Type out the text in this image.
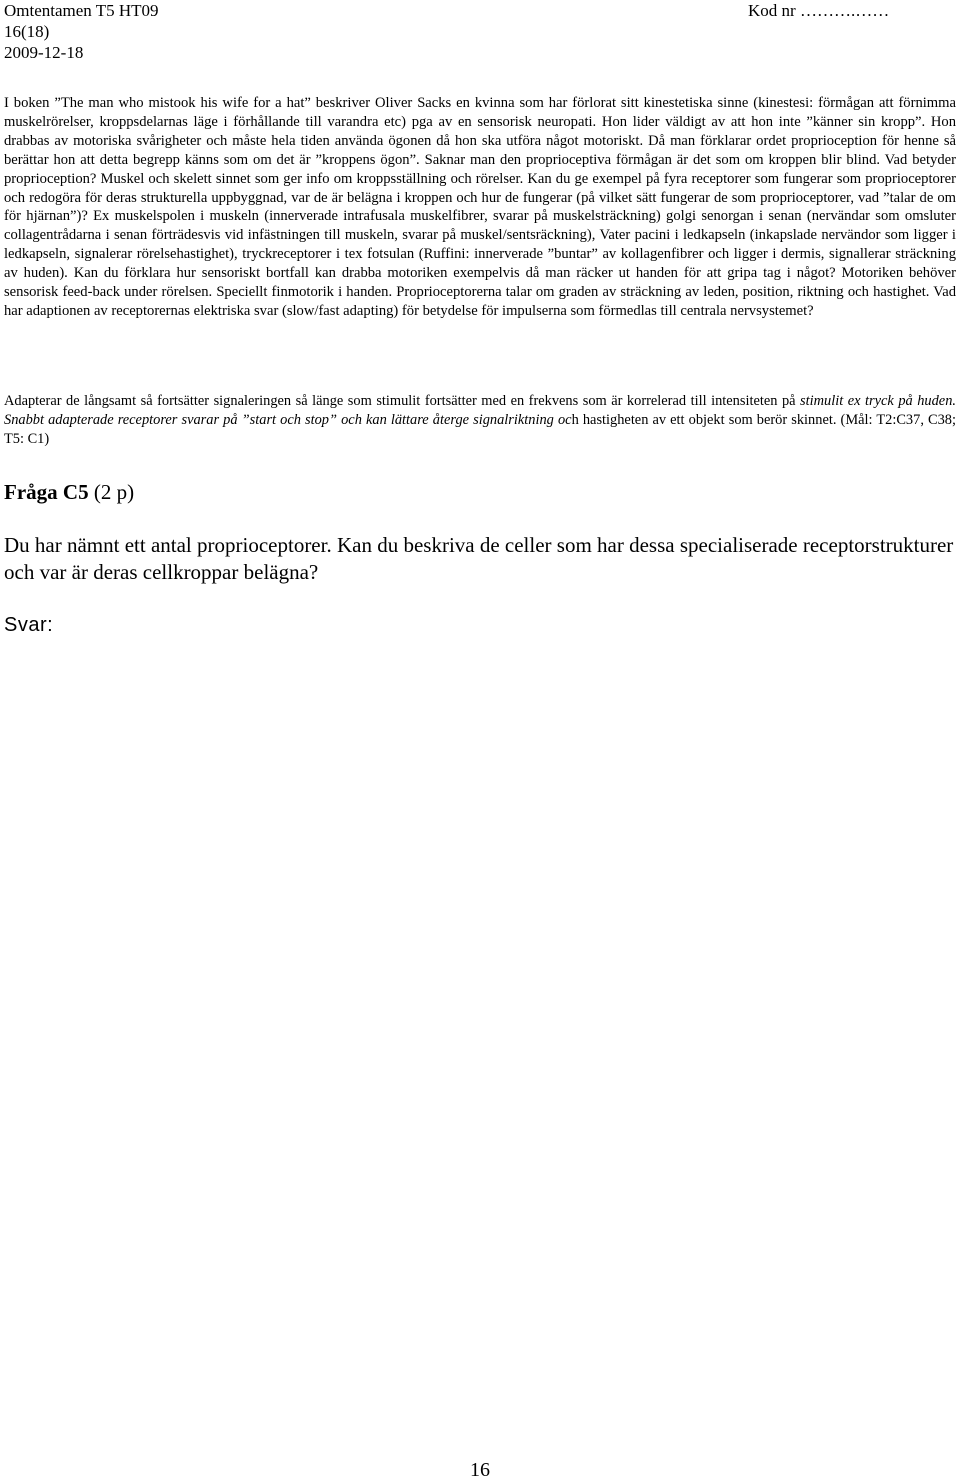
Omtentamen T5 HT09
16(18)
2009-12-18
Kod nr ……….……
I boken ”The man who mistook his wife for a hat” beskriver Oliver Sacks en kvinna som har förlorat sitt kinestetiska sinne (kinestesi: förmågan att förnimma muskelrörelser, kroppsdelarnas läge i förhållande till varandra etc) pga av en sensorisk neuropati. Hon lider väldigt av att hon inte ”känner sin kropp”. Hon drabbas av motoriska svårigheter och måste hela tiden använda ögonen då hon ska utföra något motoriskt. Då man förklarar ordet proprioception för henne så berättar hon att detta begrepp känns som om det är ”kroppens ögon”. Saknar man den proprioceptiva förmågan är det som om kroppen blir blind. Vad betyder proprioception? Muskel och skelett sinnet som ger info om kroppsställning och rörelser. Kan du ge exempel på fyra receptorer som fungerar som proprioceptorer och redogöra för deras strukturella uppbyggnad, var de är belägna i kroppen och hur de fungerar (på vilket sätt fungerar de som proprioceptorer, vad ”talar de om för hjärnan”)? Ex muskelspolen i muskeln (innerverade intrafusala muskelfibrer, svarar på muskelsträckning) golgi senorgan i senan (nervändar som omsluter collagentrådarna i senan förträdesvis vid infästningen till muskeln, svarar på muskel/sentsräckning), Vater pacini i ledkapseln (inkapslade nervändor som ligger i ledkapseln, signalerar rörelsehastighet), tryckreceptorer i tex fotsulan (Ruffini: innerverade ”buntar” av kollagenfibrer och ligger i dermis, signallerar sträckning av huden). Kan du förklara hur sensoriskt bortfall kan drabba motoriken exempelvis då man räcker ut handen för att gripa tag i något? Motoriken behöver sensorisk feed-back under rörelsen. Speciellt finmotorik i handen. Proprioceptorerna talar om graden av sträckning av leden, position, riktning och hastighet. Vad har adaptionen av receptorernas elektriska svar (slow/fast adapting) för betydelse för impulserna som förmedlas till centrala nervsystemet?
Adapterar de långsamt så fortsätter signaleringen så länge som stimulit fortsätter med en frekvens som är korrelerad till intensiteten på stimulit ex tryck på huden. Snabbt adapterade receptorer svarar på ”start och stop” och kan lättare återge signalriktning och hastigheten av ett objekt som berör skinnet. (Mål: T2:C37, C38; T5: C1)
Fråga C5 (2 p)
Du har nämnt ett antal proprioceptorer. Kan du beskriva de celler som har dessa specialiserade receptorstrukturer och var är deras cellkroppar belägna?
Svar:
16
